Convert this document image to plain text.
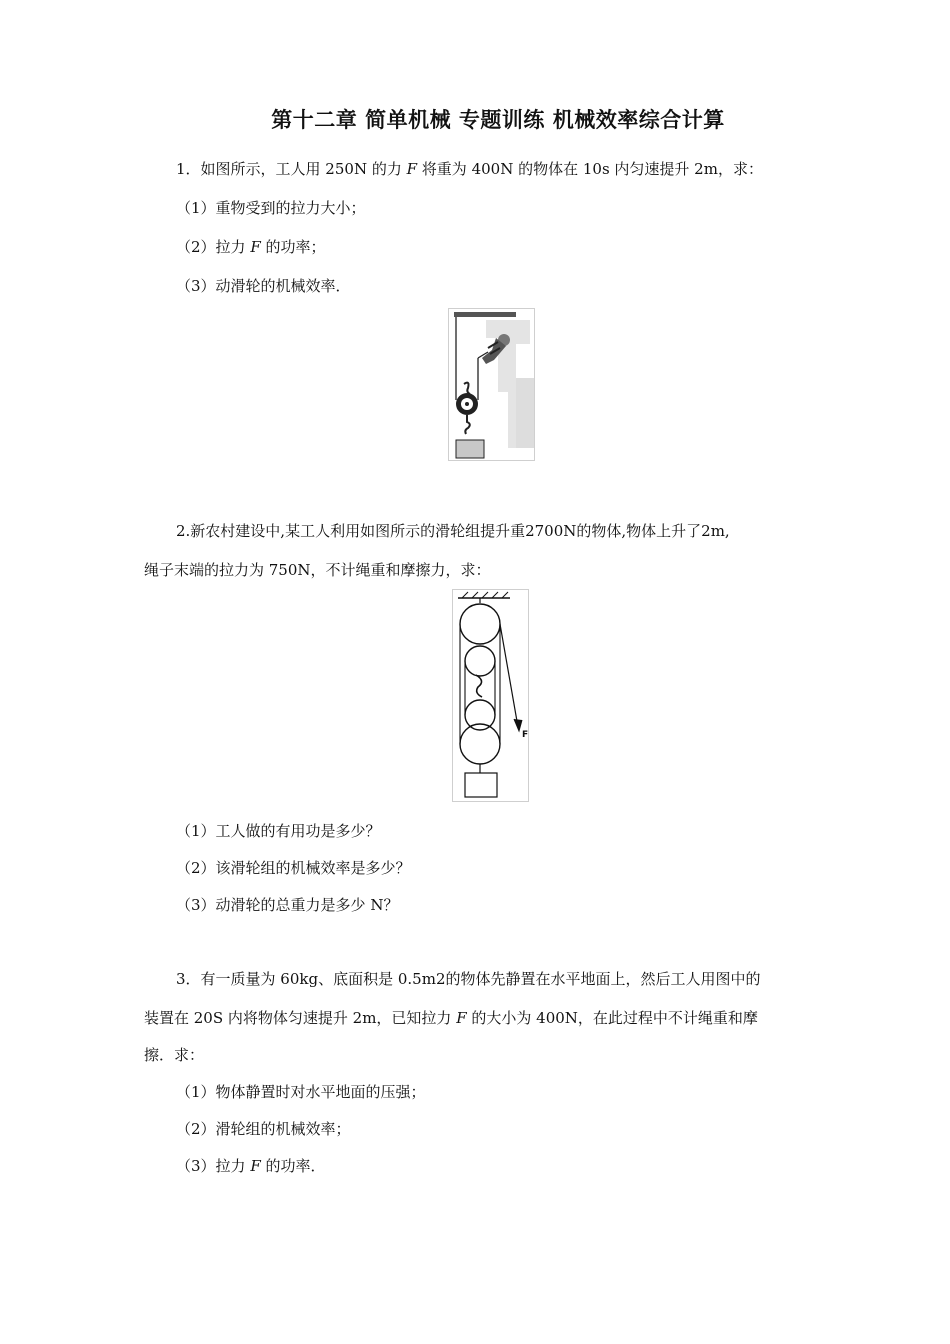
第十二章 简单机械 专题训练 机械效率综合计算
1．如图所示，工人用 250N 的力 F 将重为 400N 的物体在 10s 内匀速提升 2m，求：
（1）重物受到的拉力大小；
（2）拉力 F 的功率；
（3）动滑轮的机械效率．
2.新农村建设中,某工人利用如图所示的滑轮组提升重2700N的物体,物体上升了2m,
绳子末端的拉力为 750N，不计绳重和摩擦力，求：
F
（1）工人做的有用功是多少？
（2）该滑轮组的机械效率是多少？
（3）动滑轮的总重力是多少 N？
3．有一质量为 60kg、底面积是 0.5m2的物体先静置在水平地面上，然后工人用图中的
装置在 20S 内将物体匀速提升 2m，已知拉力 F 的大小为 400N，在此过程中不计绳重和摩
擦．求：
（1）物体静置时对水平地面的压强；
（2）滑轮组的机械效率；
（3）拉力 F 的功率．
